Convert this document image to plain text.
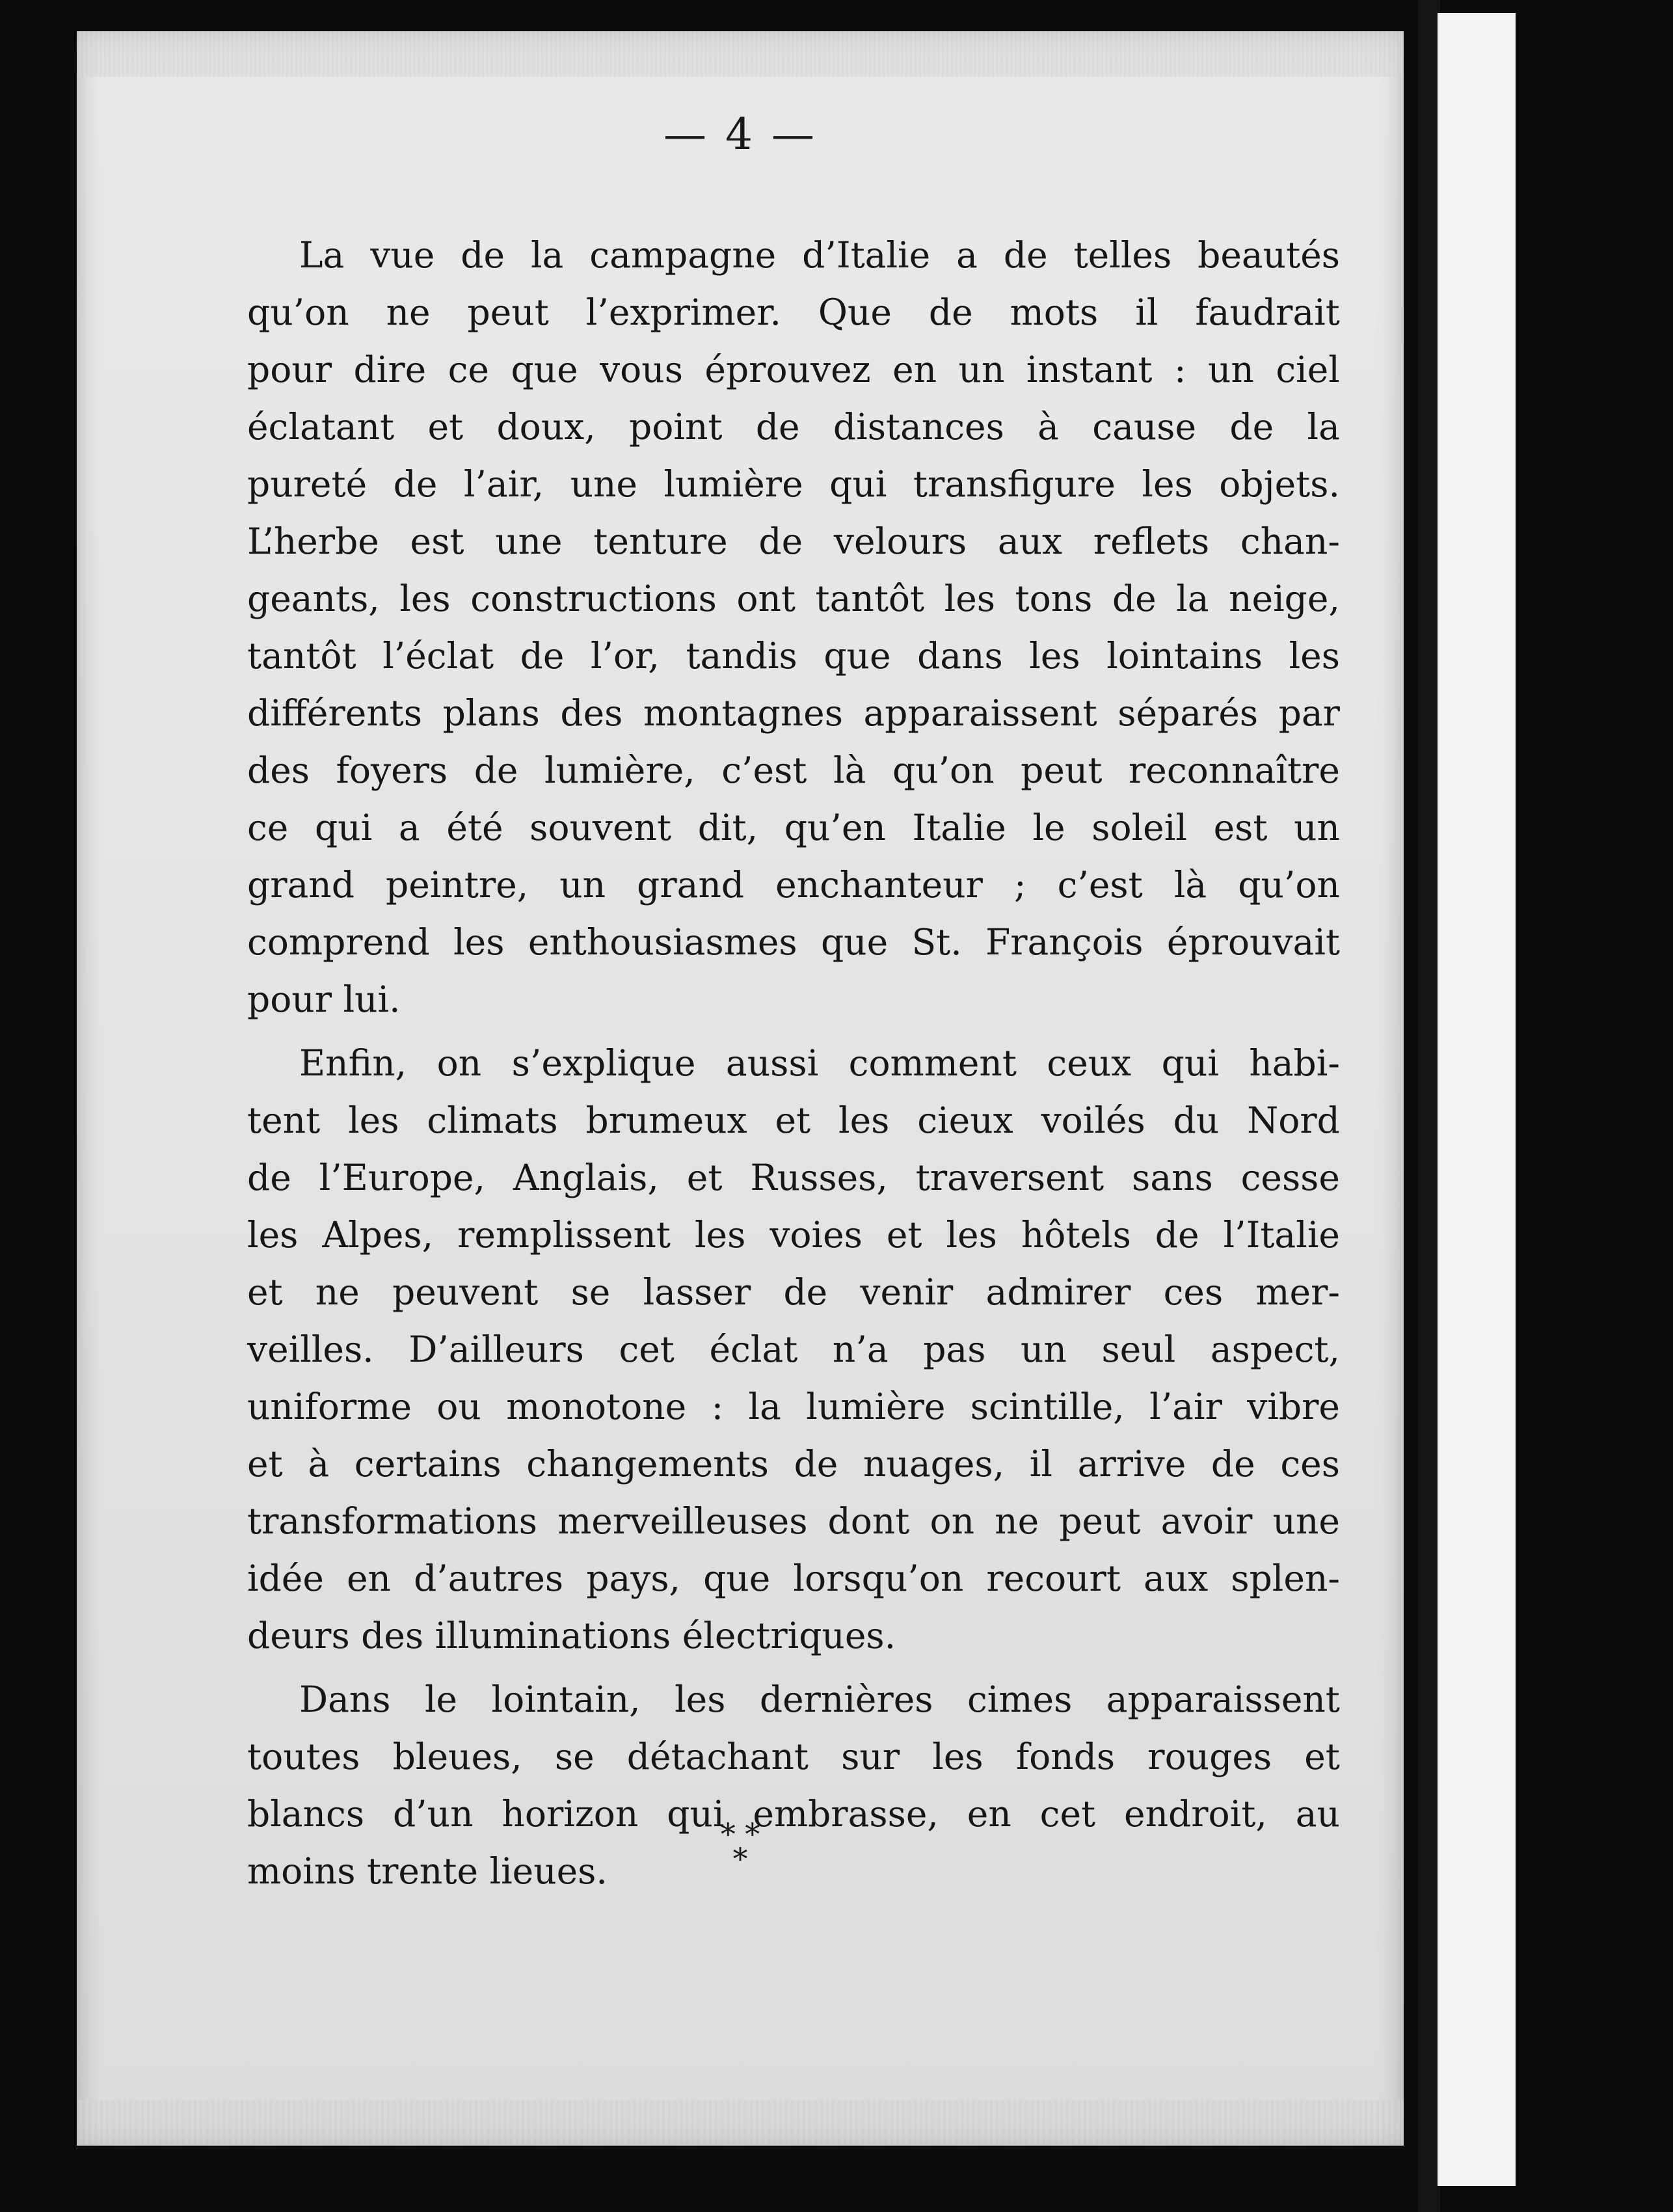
— 4 —
La vue de la campagne d’Italie a de telles beautés
qu’on ne peut l’exprimer. Que de mots il faudrait
pour dire ce que vous éprouvez en un instant : un ciel
éclatant et doux, point de distances à cause de la
pureté de l’air, une lumière qui transfigure les objets.
L’herbe est une tenture de velours aux reflets chan-
geants, les constructions ont tantôt les tons de la neige,
tantôt l’éclat de l’or, tandis que dans les lointains les
différents plans des montagnes apparaissent séparés par
des foyers de lumière, c’est là qu’on peut reconnaître
ce qui a été souvent dit, qu’en Italie le soleil est un
grand peintre, un grand enchanteur ; c’est là qu’on
comprend les enthousiasmes que St. François éprouvait
pour lui.
Enfin, on s’explique aussi comment ceux qui habi-
tent les climats brumeux et les cieux voilés du Nord
de l’Europe, Anglais, et Russes, traversent sans cesse
les Alpes, remplissent les voies et les hôtels de l’Italie
et ne peuvent se lasser de venir admirer ces mer-
veilles. D’ailleurs cet éclat n’a pas un seul aspect,
uniforme ou monotone : la lumière scintille, l’air vibre
et à certains changements de nuages, il arrive de ces
transformations merveilleuses dont on ne peut avoir une
idée en d’autres pays, que lorsqu’on recourt aux splen-
deurs des illuminations électriques.
Dans le lointain, les dernières cimes apparaissent
toutes bleues, se détachant sur les fonds rouges et
blancs d’un horizon qui embrasse, en cet endroit, au
moins trente lieues.
* *
*
